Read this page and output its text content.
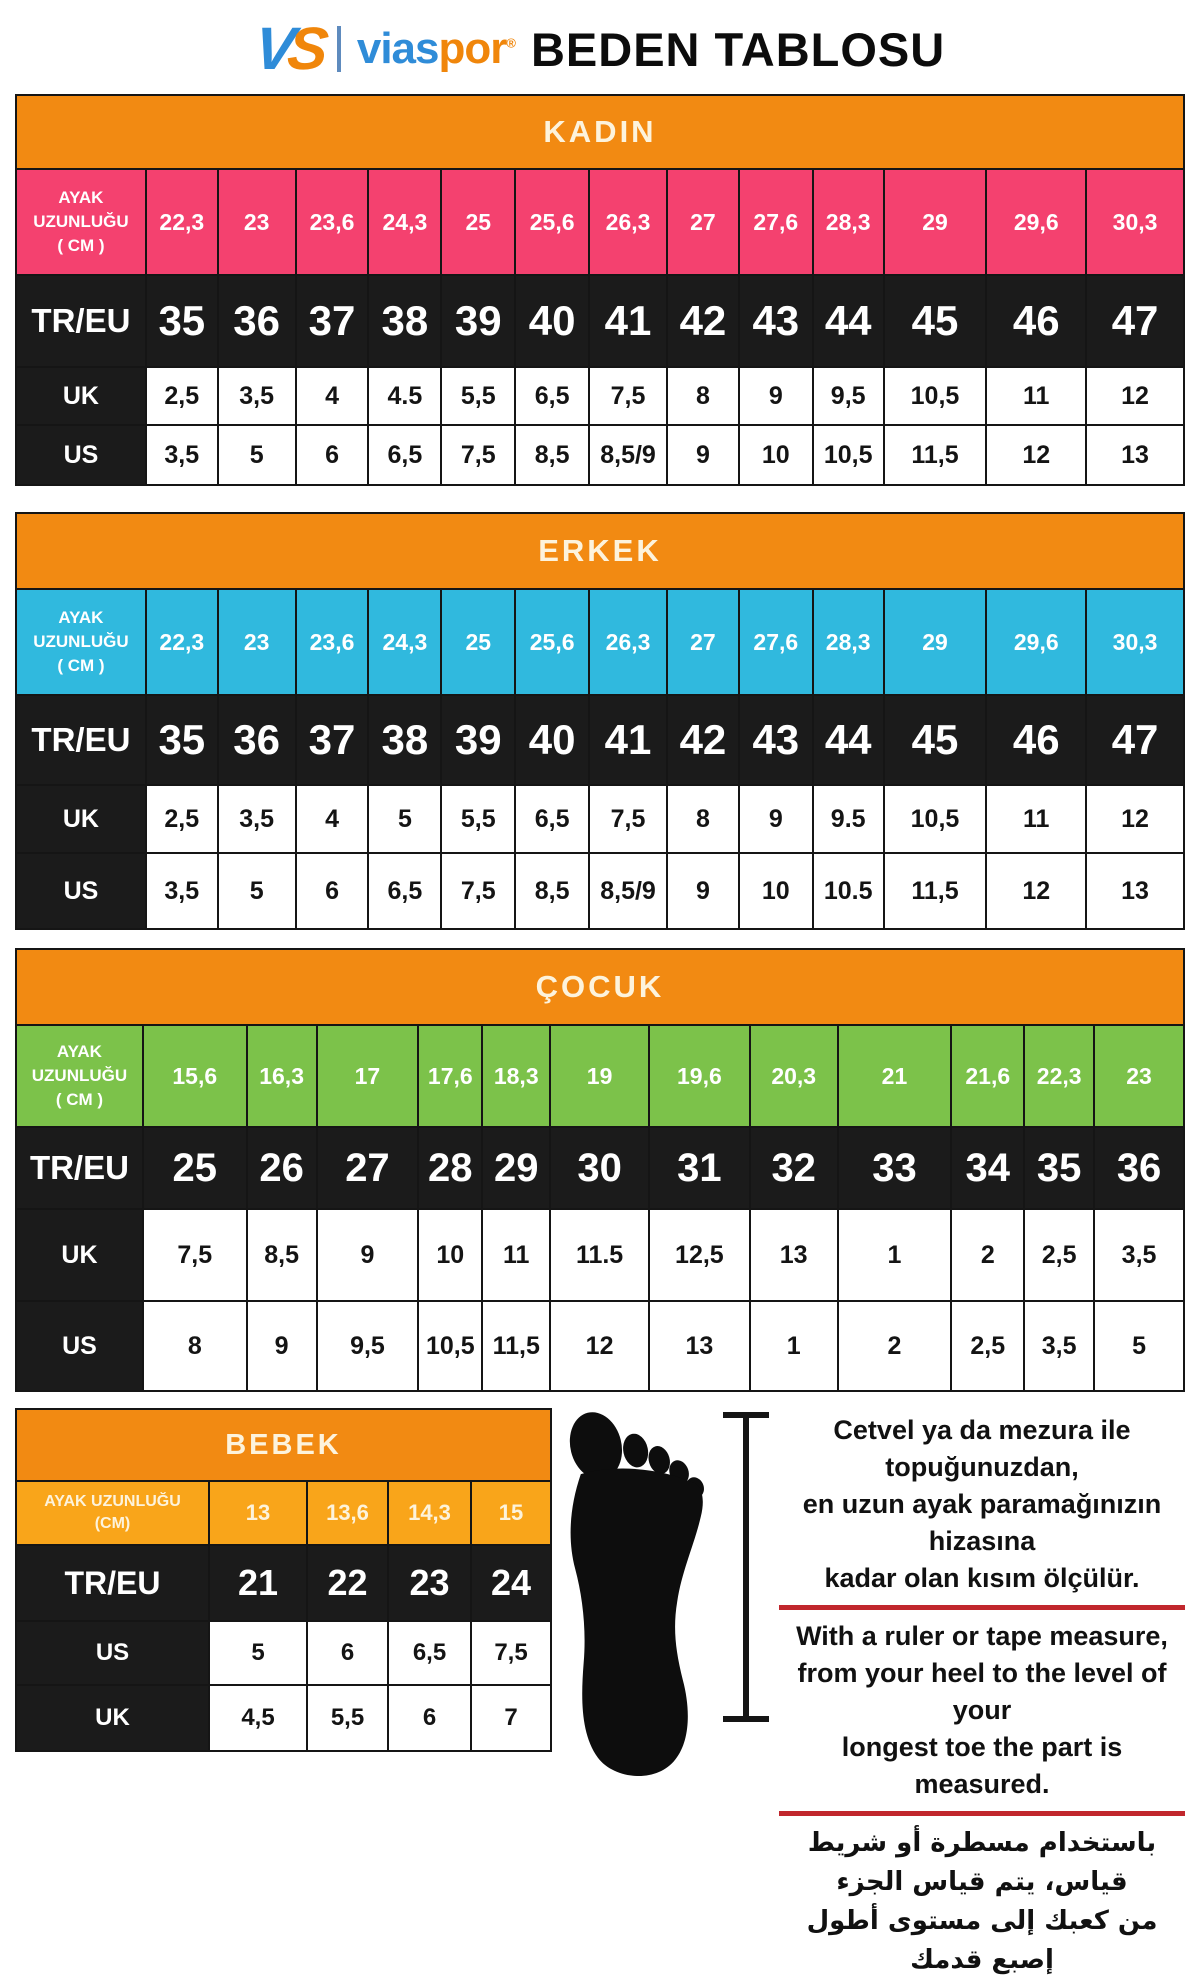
VS viaspor® BEDEN TABLOSU
KADIN													

AYAK
UZUNLUĞU
( CM )	22,3	23	23,6	24,3	25	25,6	26,3	27	27,6	28,3	29	29,6	30,3
TR/EU	35	36	37	38	39	40	41	42	43	44	45	46	47
UK	2,5	3,5	4	4.5	5,5	6,5	7,5	8	9	9,5	10,5	11	12
US	3,5	5	6	6,5	7,5	8,5	8,5/9	9	10	10,5	11,5	12	13
ERKEK													

AYAK
UZUNLUĞU
( CM )	22,3	23	23,6	24,3	25	25,6	26,3	27	27,6	28,3	29	29,6	30,3
TR/EU	35	36	37	38	39	40	41	42	43	44	45	46	47
UK	2,5	3,5	4	5	5,5	6,5	7,5	8	9	9.5	10,5	11	12
US	3,5	5	6	6,5	7,5	8,5	8,5/9	9	10	10.5	11,5	12	13
ÇOCUK												

AYAK
UZUNLUĞU
( CM )	15,6	16,3	17	17,6	18,3	19	19,6	20,3	21	21,6	22,3	23
TR/EU	25	26	27	28	29	30	31	32	33	34	35	36
UK	7,5	8,5	9	10	11	11.5	12,5	13	1	2	2,5	3,5
US	8	9	9,5	10,5	11,5	12	13	1	2	2,5	3,5	5
BEBEK				

AYAK UZUNLUĞU
(CM)	13	13,6	14,3	15
TR/EU	21	22	23	24
US	5	6	6,5	7,5
UK	4,5	5,5	6	7
Cetvel ya da mezura ile topuğunuzdan,
en uzun ayak paramağınızın hizasına
kadar olan kısım ölçülür.
With a ruler or tape measure,
from your heel to the level of your
longest toe the part is measured.
باستخدام مسطرة أو شريط قياس، يتم قياس الجزء
من كعبك إلى مستوى أطول إصبع قدمك
